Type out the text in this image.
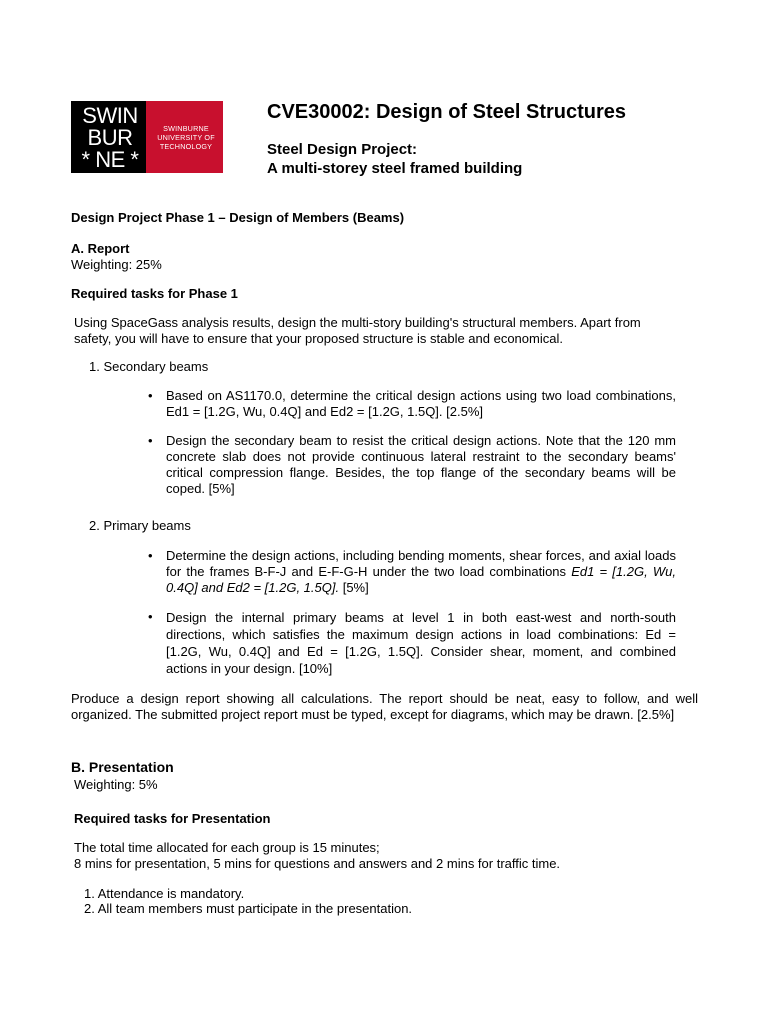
SWIN
BUR
* NE *
SWINBURNE
UNIVERSITY OF
TECHNOLOGY
CVE30002: Design of Steel Structures
Steel Design Project:
A multi-storey steel framed building
Design Project Phase 1 – Design of Members (Beams)
A. Report
Weighting: 25%
Required tasks for Phase 1
Using SpaceGass analysis results, design the multi-story building's structural members. Apart from safety, you will have to ensure that your proposed structure is stable and economical.
1. Secondary beams
• Based on AS1170.0, determine the critical design actions using two load combinations, Ed1 = [1.2G, Wu, 0.4Q] and Ed2 = [1.2G, 1.5Q]. [2.5%]
• Design the secondary beam to resist the critical design actions. Note that the 120 mm concrete slab does not provide continuous lateral restraint to the secondary beams' critical compression flange. Besides, the top flange of the secondary beams will be coped. [5%]
2. Primary beams
• Determine the design actions, including bending moments, shear forces, and axial loads for the frames B-F-J and E-F-G-H under the two load combinations Ed1 = [1.2G, Wu, 0.4Q] and Ed2 = [1.2G, 1.5Q]. [5%]
• Design the internal primary beams at level 1 in both east-west and north-south directions, which satisfies the maximum design actions in load combinations: Ed = [1.2G, Wu, 0.4Q] and Ed = [1.2G, 1.5Q]. Consider shear, moment, and combined actions in your design. [10%]
Produce a design report showing all calculations. The report should be neat, easy to follow, and well organized. The submitted project report must be typed, except for diagrams, which may be drawn. [2.5%]
B. Presentation
Weighting: 5%
Required tasks for Presentation
The total time allocated for each group is 15 minutes;
8 mins for presentation, 5 mins for questions and answers and 2 mins for traffic time.
1. Attendance is mandatory.
2. All team members must participate in the presentation.
